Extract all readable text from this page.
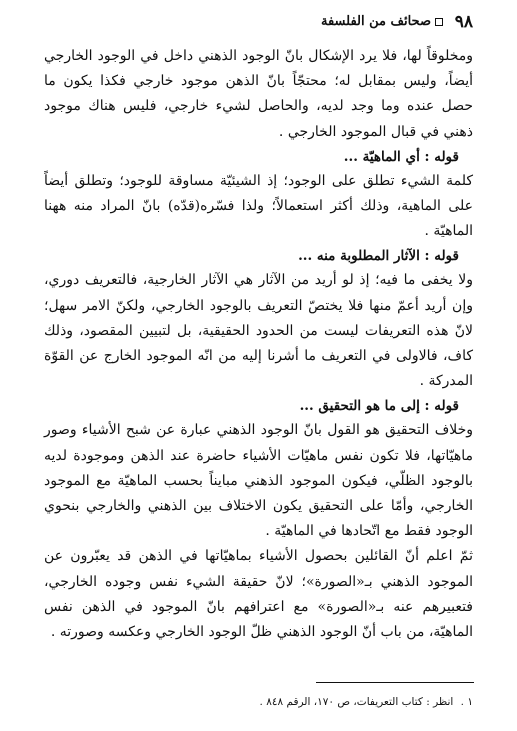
٩٨
صحائف من الفلسفة

ومخلوقاً لها، فلا يرد الإشكال بانّ الوجود الذهني داخل في الوجود الخارجي أيضاً، وليس بمقابل له؛ محتجّاً بانّ الذهن موجود خارجي فكذا يكون ما حصل عنده وما وجد لديه، والحاصل لشيء خارجي، فليس هناك موجود ذهني في قبال الموجود الخارجي .

قوله : أي الماهيّة ...

كلمة الشيء تطلق على الوجود؛ إذ الشيئيّة مساوقة للوجود؛ وتطلق أيضاً على الماهية، وذلك أكثر استعمالاً؛ ولذا فسّره(قدّه) بانّ المراد منه ههنا الماهيّة .

قوله : الآثار المطلوبة منه ...

ولا يخفى ما فيه؛ إذ لو أريد من الآثار هي الآثار الخارجية، فالتعريف دوري، وإن أريد أعمّ منها فلا يختصّ التعريف بالوجود الخارجي، ولكنّ الامر سهل؛ لانّ هذه التعريفات ليست من الحدود الحقيقية، بل لتبيين المقصود، وذلك كاف، فالاولى في التعريف ما أشرنا إليه من انّه الموجود الخارج عن القوّة المدركة .

قوله : إلى ما هو التحقيق ...

وخلاف التحقيق هو القول بانّ الوجود الذهني عبارة عن شبح الأشياء وصور ماهيّاتها، فلا تكون نفس ماهيّات الأشياء حاضرة عند الذهن وموجودة لديه بالوجود الظلّي، فيكون الموجود الذهني مبايناً بحسب الماهيّة مع الموجود الخارجي، وأمّا على التحقيق يكون الاختلاف بين الذهني والخارجي بنحوي الوجود فقط مع اتّحادها في الماهيّة .

ثمّ اعلم أنّ القائلين بحصول الأشياء بماهيّاتها في الذهن قد يعبّرون عن الموجود الذهني بـ«الصورة»؛ لانّ حقيقة الشيء نفس وجوده الخارجي، فتعبيرهم عنه بـ«الصورة» مع اعترافهم بانّ الموجود في الذهن نفس الماهيّة، من باب أنّ الوجود الذهني ظلّ الوجود الخارجي وعكسه وصورته .

١ . انظر : كتاب التعريفات، ص ١٧٠، الرقم ٨٤٨ .
